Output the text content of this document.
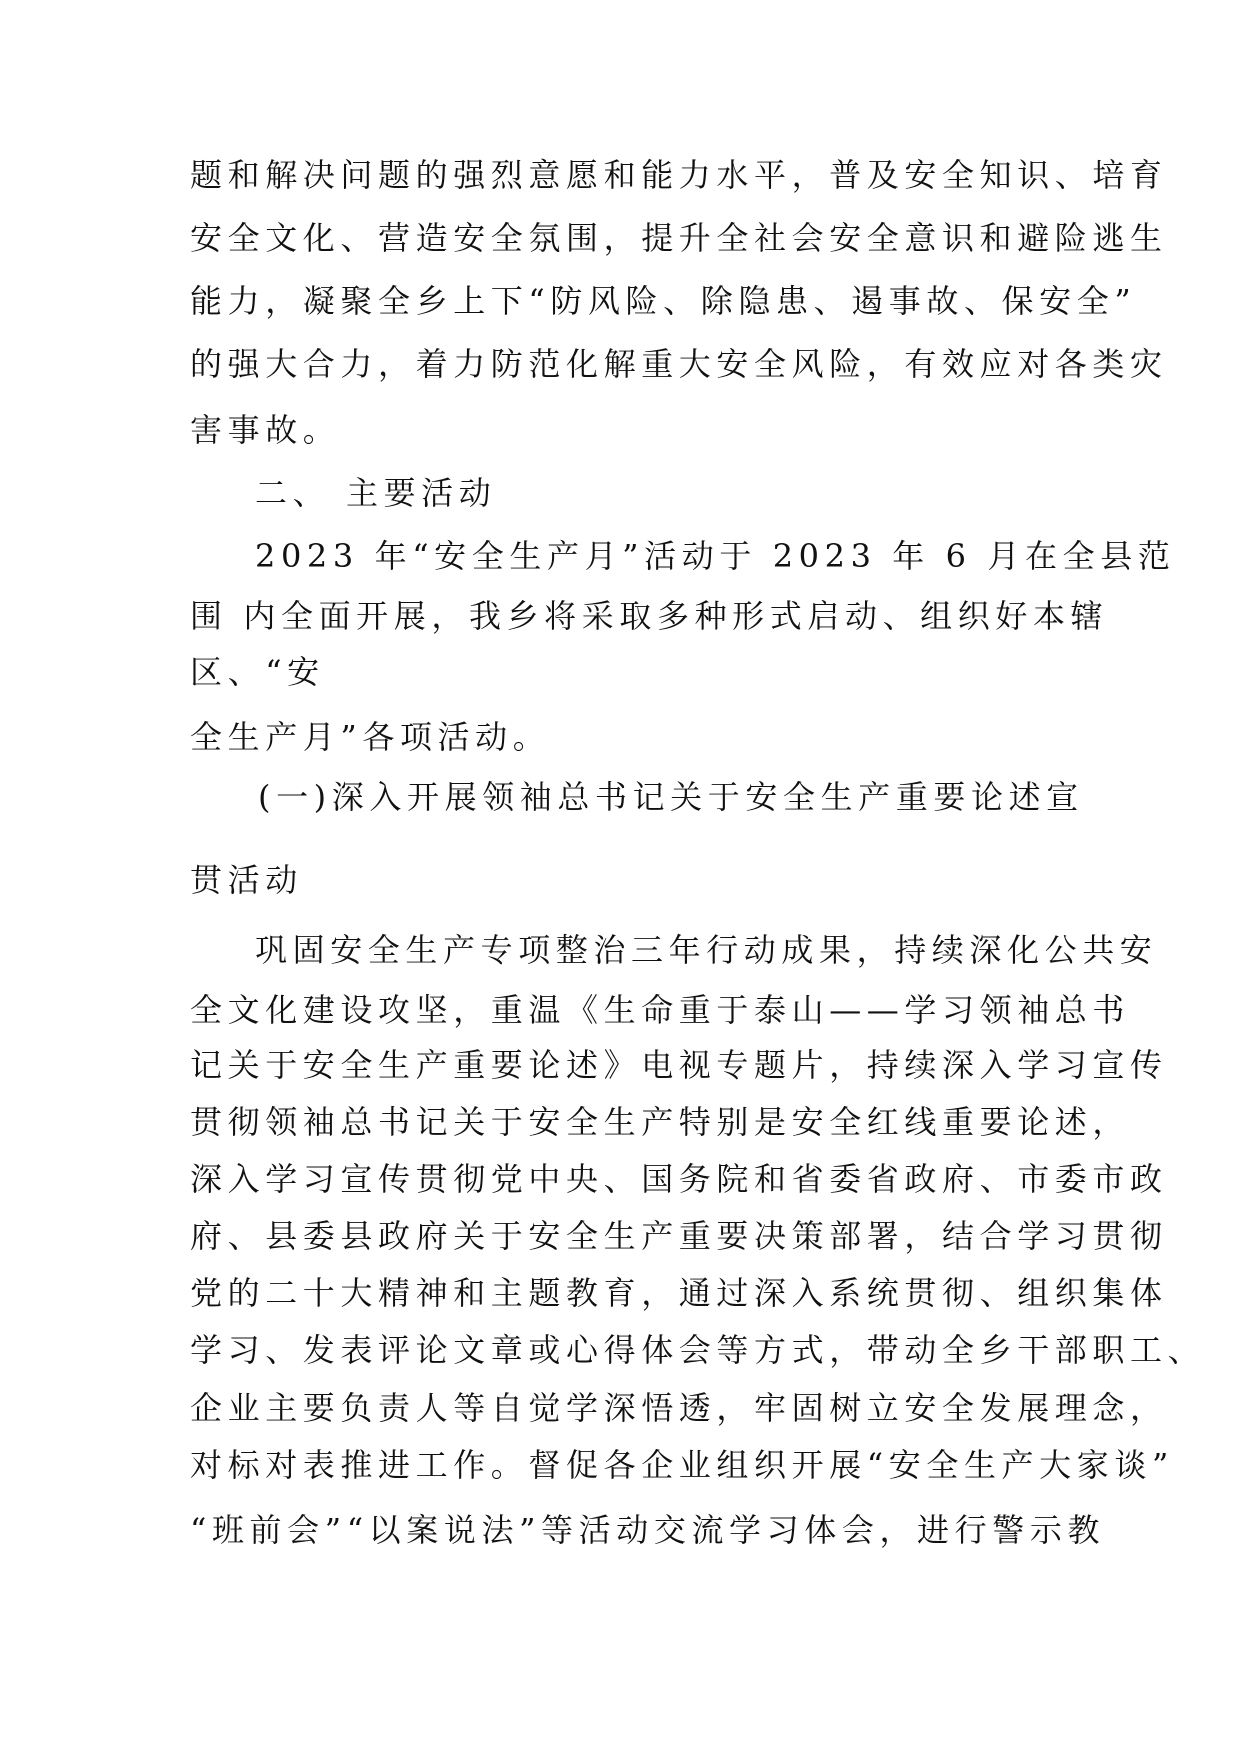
题和解决问题的强烈意愿和能力水平，普及安全知识、培育
安全文化、营造安全氛围，提升全社会安全意识和避险逃生
能力，凝聚全乡上下“防风险、除隐患、遏事故、保安全”
的强大合力，着力防范化解重大安全风险，有效应对各类灾
害事故。
二、 主要活动
2023 年“安全生产月”活动于 2023 年 6 月在全县范
围 内全面开展，我乡将采取多种形式启动、组织好本辖
区、“安
全生产月”各项活动。
(一)深入开展领袖总书记关于安全生产重要论述宣
贯活动
巩固安全生产专项整治三年行动成果，持续深化公共安
全文化建设攻坚，重温《生命重于泰山——学习领袖总书
记关于安全生产重要论述》电视专题片，持续深入学习宣传
贯彻领袖总书记关于安全生产特别是安全红线重要论述，
深入学习宣传贯彻党中央、国务院和省委省政府、市委市政
府、县委县政府关于安全生产重要决策部署，结合学习贯彻
党的二十大精神和主题教育，通过深入系统贯彻、组织集体
学习、发表评论文章或心得体会等方式，带动全乡干部职工、
企业主要负责人等自觉学深悟透，牢固树立安全发展理念，
对标对表推进工作。督促各企业组织开展“安全生产大家谈”
“班前会”“以案说法”等活动交流学习体会，进行警示教
